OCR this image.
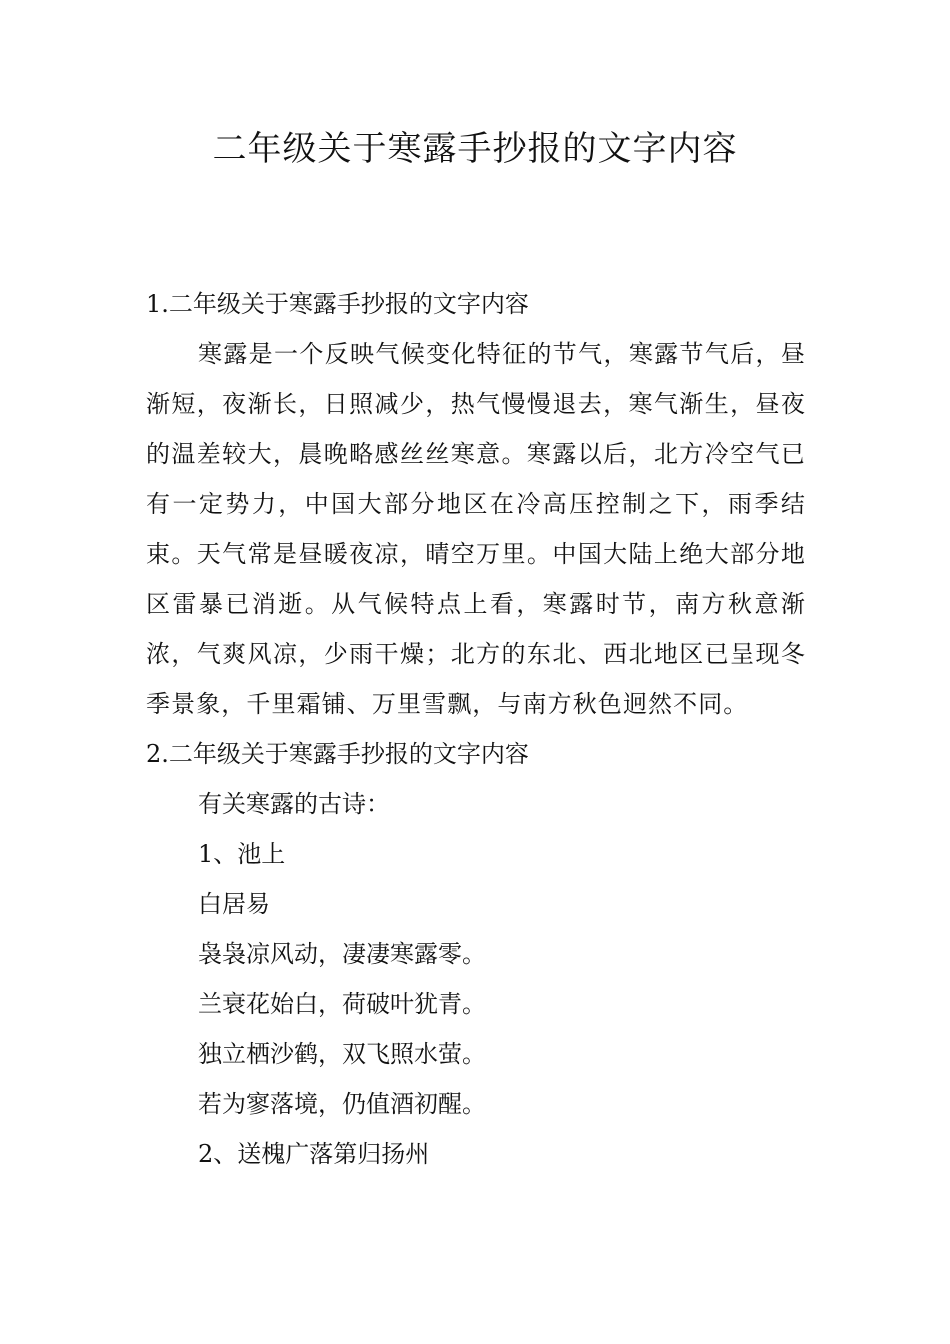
二年级关于寒露手抄报的文字内容

1.二年级关于寒露手抄报的文字内容

寒露是一个反映气候变化特征的节气，寒露节气后，昼渐短，夜渐长，日照减少，热气慢慢退去，寒气渐生，昼夜的温差较大，晨晚略感丝丝寒意。寒露以后，北方冷空气已有一定势力，中国大部分地区在冷高压控制之下，雨季结束。天气常是昼暖夜凉，晴空万里。中国大陆上绝大部分地区雷暴已消逝。从气候特点上看，寒露时节，南方秋意渐浓，气爽风凉，少雨干燥；北方的东北、西北地区已呈现冬季景象，千里霜铺、万里雪飘，与南方秋色迥然不同。

2.二年级关于寒露手抄报的文字内容

有关寒露的古诗：

1、池上

白居易

袅袅凉风动，凄凄寒露零。

兰衰花始白，荷破叶犹青。

独立栖沙鹤，双飞照水萤。

若为寥落境，仍值酒初醒。

2、送槐广落第归扬州
